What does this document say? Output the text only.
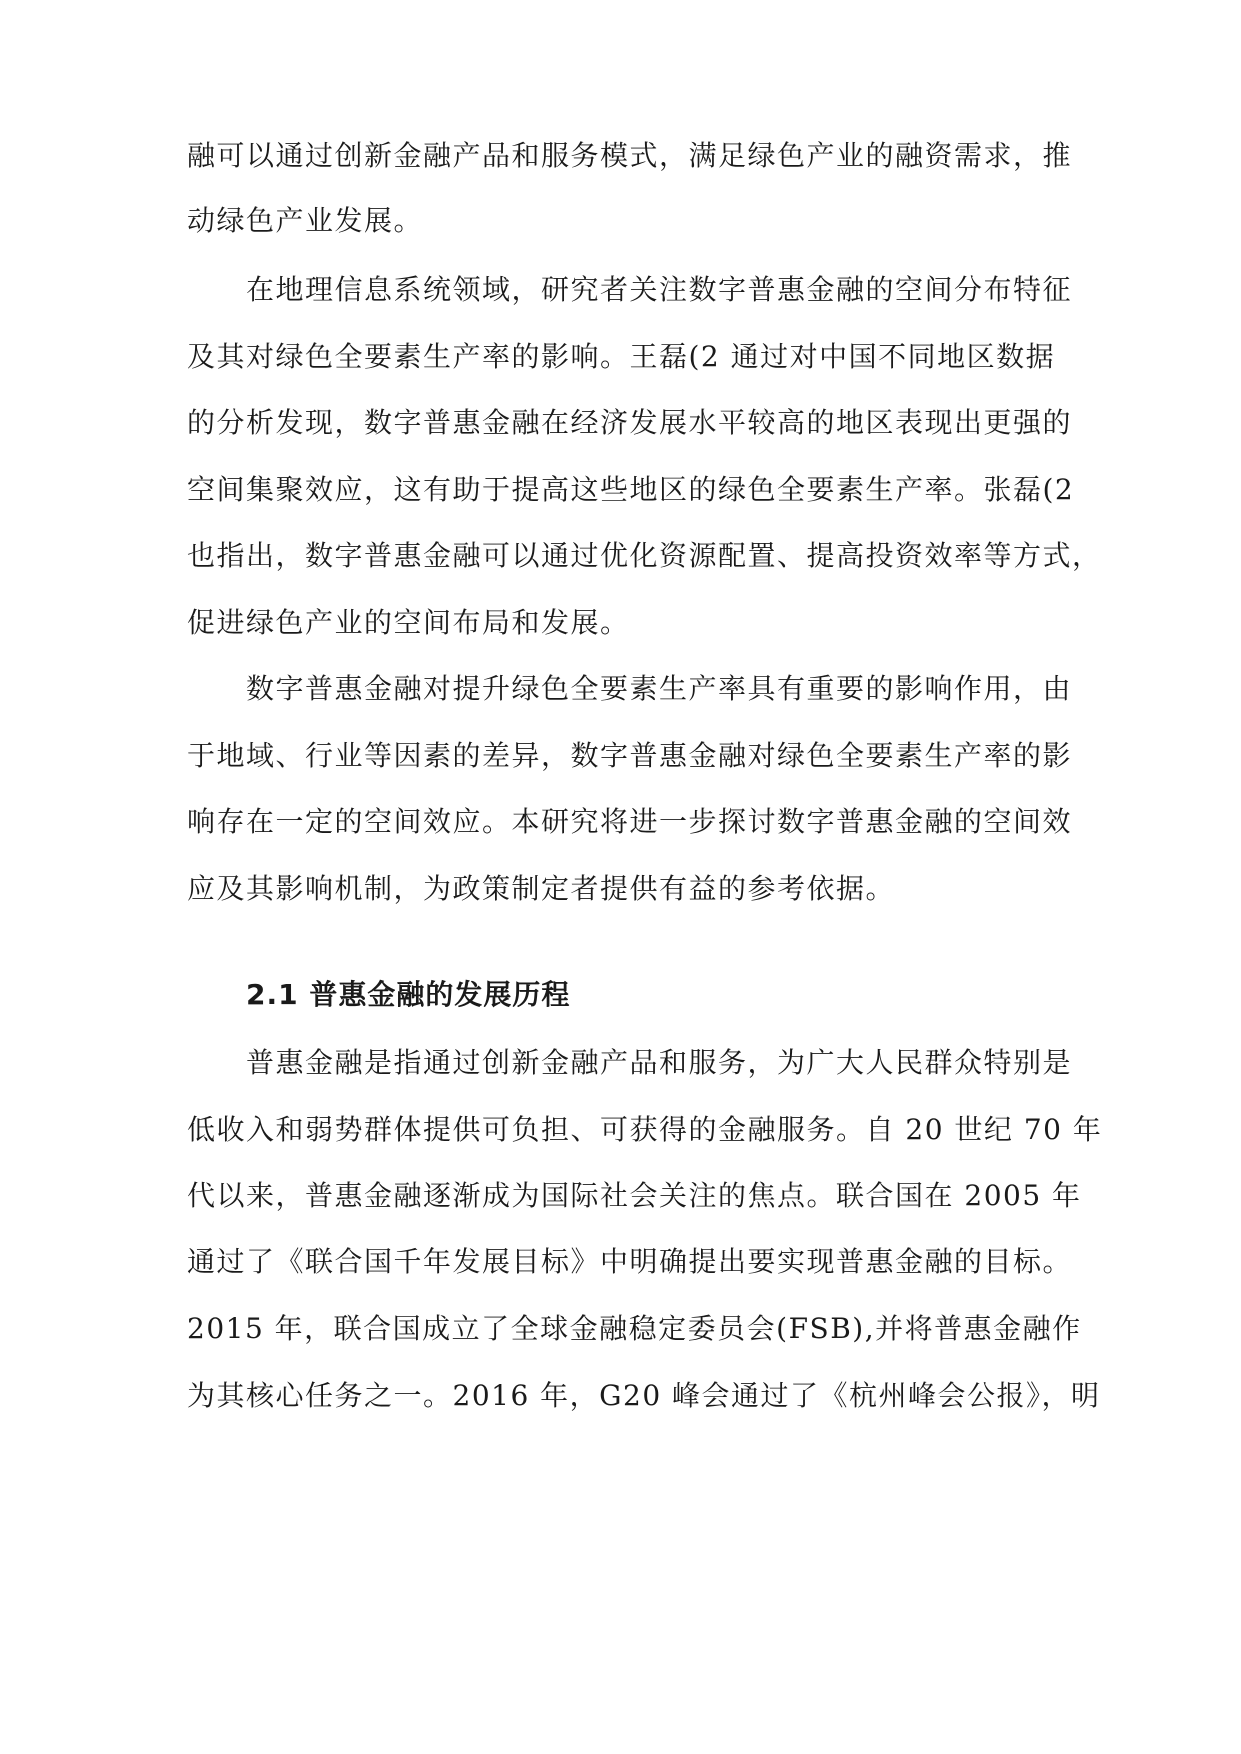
融可以通过创新金融产品和服务模式，满足绿色产业的融资需求，推
动绿色产业发展。
在地理信息系统领域，研究者关注数字普惠金融的空间分布特征
及其对绿色全要素生产率的影响。王磊(2 通过对中国不同地区数据
的分析发现，数字普惠金融在经济发展水平较高的地区表现出更强的
空间集聚效应，这有助于提高这些地区的绿色全要素生产率。张磊(2
也指出，数字普惠金融可以通过优化资源配置、提高投资效率等方式，
促进绿色产业的空间布局和发展。
数字普惠金融对提升绿色全要素生产率具有重要的影响作用，由
于地域、行业等因素的差异，数字普惠金融对绿色全要素生产率的影
响存在一定的空间效应。本研究将进一步探讨数字普惠金融的空间效
应及其影响机制，为政策制定者提供有益的参考依据。
2.1 普惠金融的发展历程
普惠金融是指通过创新金融产品和服务，为广大人民群众特别是
低收入和弱势群体提供可负担、可获得的金融服务。自 20 世纪 70 年
代以来，普惠金融逐渐成为国际社会关注的焦点。联合国在 2005 年
通过了《联合国千年发展目标》中明确提出要实现普惠金融的目标。
2015 年，联合国成立了全球金融稳定委员会(FSB),并将普惠金融作
为其核心任务之一。2016 年，G20 峰会通过了《杭州峰会公报》，明
